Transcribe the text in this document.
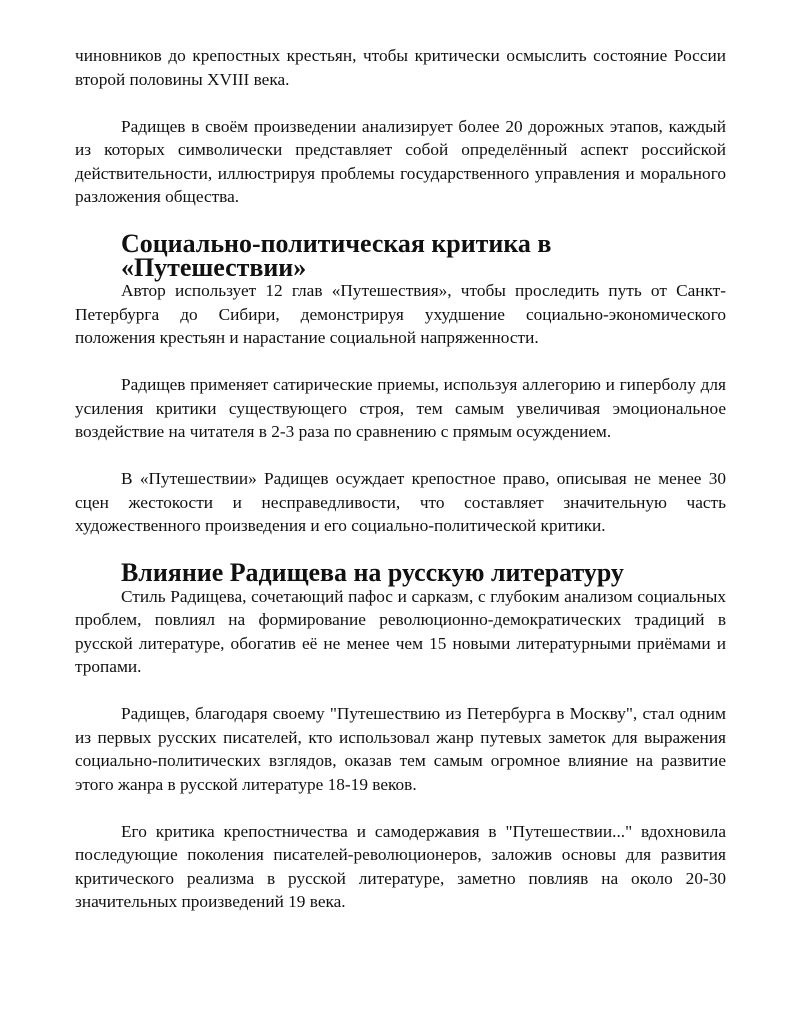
чиновников до крепостных крестьян, чтобы критически осмыслить состояние России второй половины XVIII века.

Радищев в своём произведении анализирует более 20 дорожных этапов, каждый из которых символически представляет собой определённый аспект российской действительности, иллюстрируя проблемы государственного управления и морального разложения общества.

Социально-политическая критика в «Путешествии»

Автор использует 12 глав «Путешествия», чтобы проследить путь от Санкт-Петербурга до Сибири, демонстрируя ухудшение социально-экономического положения крестьян и нарастание социальной напряженности.

Радищев применяет сатирические приемы, используя аллегорию и гиперболу для усиления критики существующего строя, тем самым увеличивая эмоциональное воздействие на читателя в 2-3 раза по сравнению с прямым осуждением.

В «Путешествии» Радищев осуждает крепостное право, описывая не менее 30 сцен жестокости и несправедливости, что составляет значительную часть художественного произведения и его социально-политической критики.

Влияние Радищева на русскую литературу

Стиль Радищева, сочетающий пафос и сарказм, с глубоким анализом социальных проблем, повлиял на формирование революционно-демократических традиций в русской литературе, обогатив её не менее чем 15 новыми литературными приёмами и тропами.

Радищев, благодаря своему "Путешествию из Петербурга в Москву", стал одним из первых русских писателей, кто использовал жанр путевых заметок для выражения социально-политических взглядов, оказав тем самым огромное влияние на развитие этого жанра в русской литературе 18-19 веков.

Его критика крепостничества и самодержавия в "Путешествии..." вдохновила последующие поколения писателей-революционеров, заложив основы для развития критического реализма в русской литературе, заметно повлияв на около 20-30 значительных произведений 19 века.
